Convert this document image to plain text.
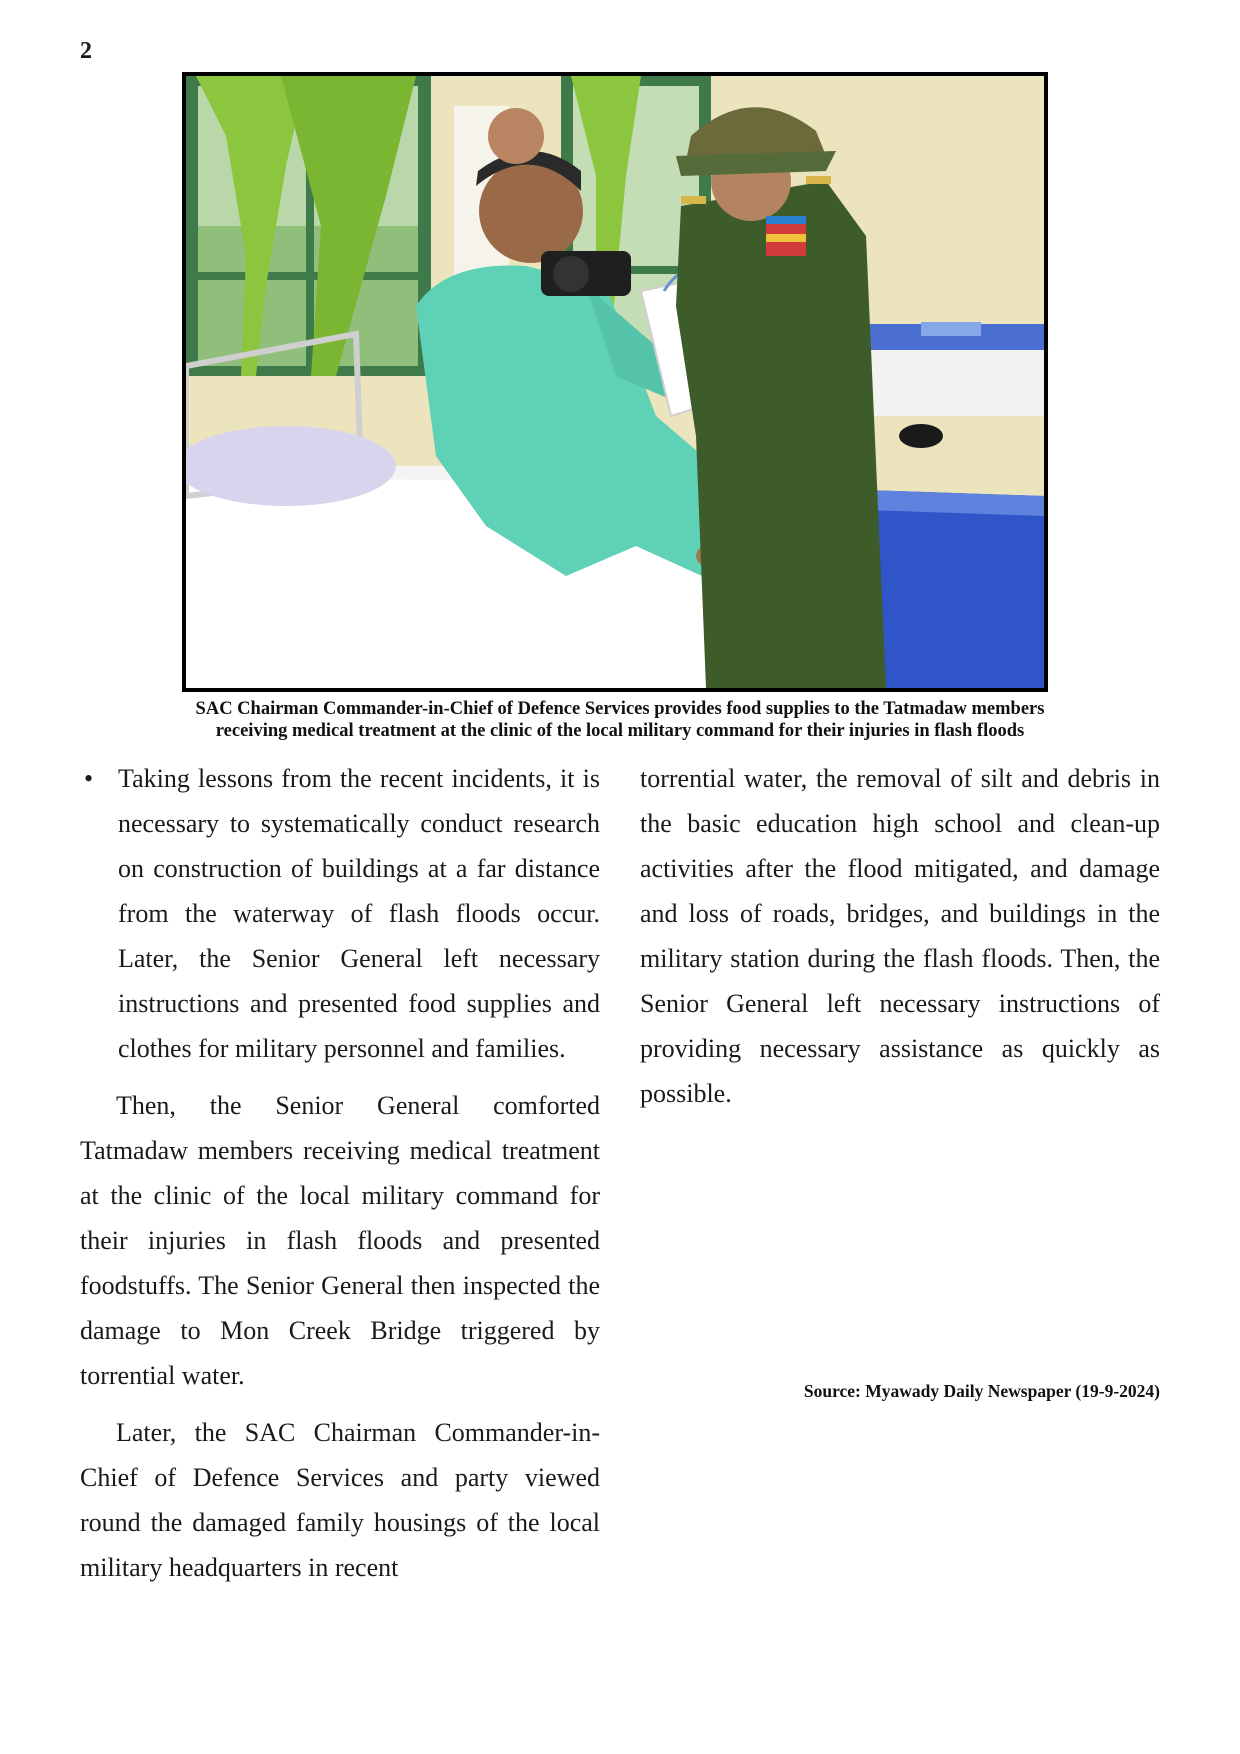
2
SAC Chairman Commander-in-Chief of Defence Services provides food supplies to the Tatmadaw members
receiving medical treatment at the clinic of the local military command for their injuries in flash floods
• Taking lessons from the recent incidents, it is necessary to systematically conduct research on construction of buildings at a far distance from the waterway of flash floods occur. Later, the Senior General left necessary instructions and presented food supplies and clothes for military personnel and families.

Then, the Senior General comforted Tatmadaw members receiving medical treatment at the clinic of the local military command for their injuries in flash floods and presented foodstuffs. The Senior General then inspected the damage to Mon Creek Bridge triggered by torrential water.

Later, the SAC Chairman Commander-in-Chief of Defence Services and party viewed round the damaged family housings of the local military headquarters in recent

torrential water, the removal of silt and debris in the basic education high school and clean-up activities after the flood mitigated, and damage and loss of roads, bridges, and buildings in the military station during the flash floods. Then, the Senior General left necessary instructions of providing necessary assistance as quickly as possible.

Source: Myawady Daily Newspaper (19-9-2024)
